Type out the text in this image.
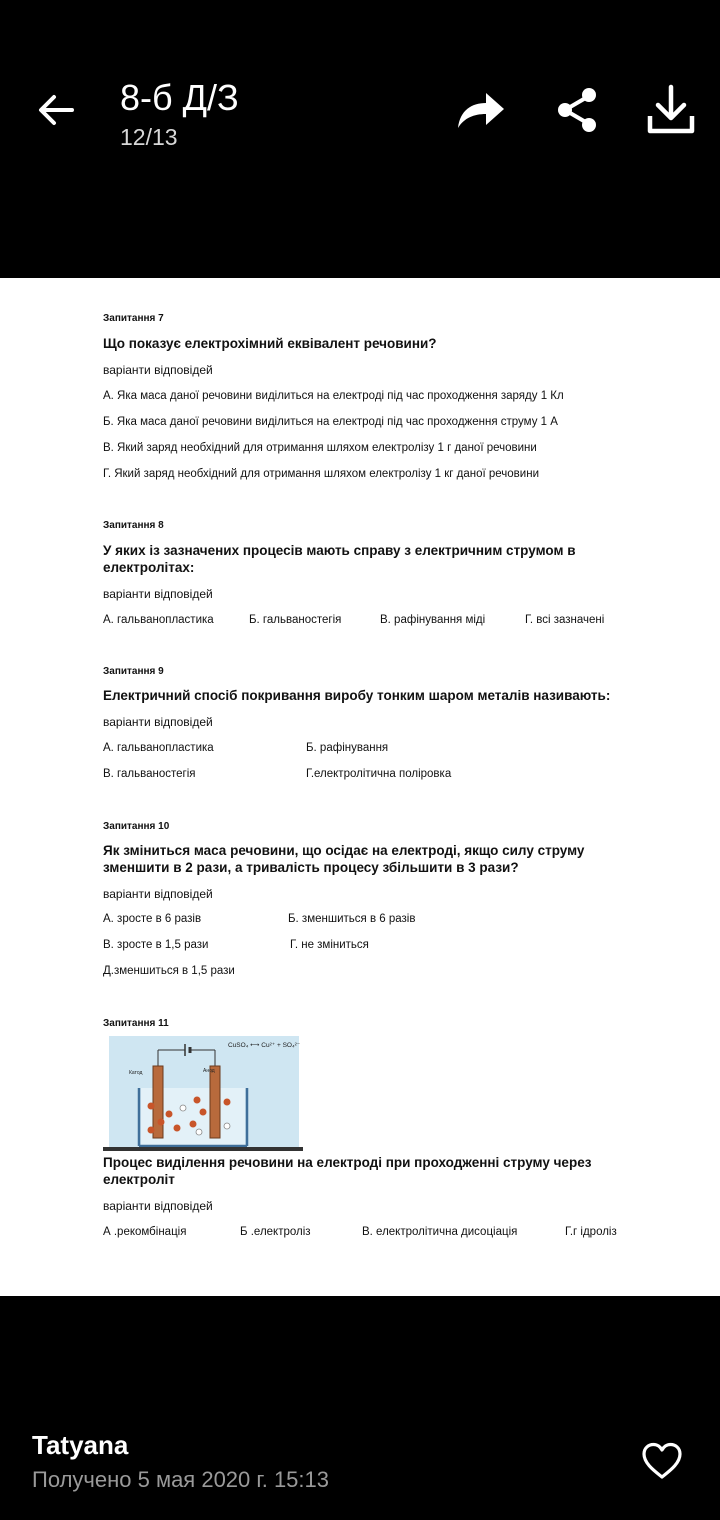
8-б Д/З
12/13
Запитання 7
Що показує електрохімний еквівалент речовини?
варіанти відповідей
А. Яка маса даної речовини виділиться на електроді під час проходження заряду 1 Кл
Б. Яка маса даної речовини виділиться на електроді під час проходження струму 1 А
В. Який заряд необхідний для отримання шляхом електролізу 1 г даної речовини
Г. Який заряд необхідний для отримання шляхом електролізу 1 кг даної речовини
Запитання 8
У яких із зазначених процесів мають справу з електричним струмом в електролітах:
варіанти відповідей
А. гальванопластика	Б. гальваностегія	В. рафінування міді	Г. всі зазначені
Запитання 9
Електричний спосіб покривання виробу тонким шаром металів називають:
варіанти відповідей
А. гальванопластика	Б. рафінування
В. гальваностегія	Г.електролітична поліровка
Запитання 10
Як зміниться маса речовини, що осідає на електроді, якщо силу струму зменшити в 2 рази, а тривалість процесу збільшити в 3 рази?
варіанти відповідей
А. зросте в 6 разів	Б. зменшиться в 6 разів
В. зросте в 1,5 рази	Г. не зміниться
Д.зменшиться в 1,5 рази
Запитання 11
CuSO₄ ⟷ Cu²⁺ + SO₄²⁻
Катод	Анод
Процес виділення речовини на електроді при проходженні струму через електроліт
варіанти відповідей
А .рекомбінація	Б .електроліз	В. електролітична дисоціація	Г.г ідроліз
Tatyana
Получено 5 мая 2020 г. 15:13
